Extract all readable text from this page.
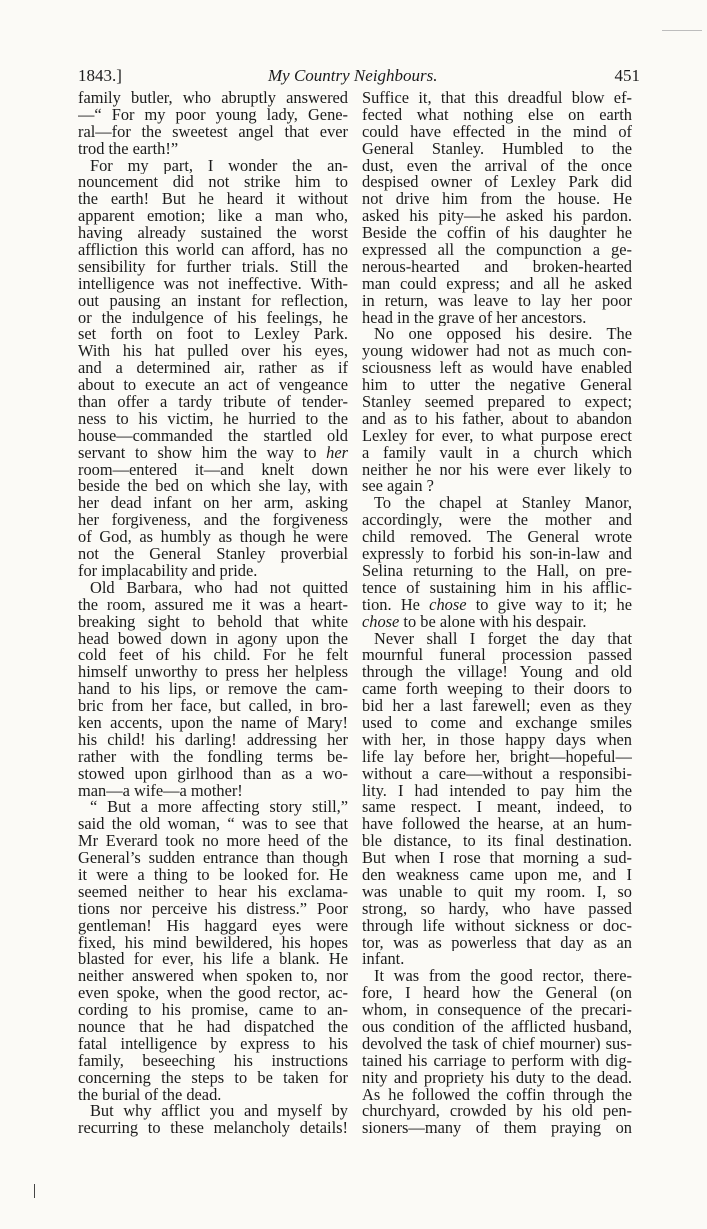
1843.]	My Country Neighbours.	451
family butler, who abruptly answered
—“ For my poor young lady, Gene-
ral—for the sweetest angel that ever
trod the earth!”
For my part, I wonder the an-
nouncement did not strike him to
the earth! But he heard it without
apparent emotion; like a man who,
having already sustained the worst
affliction this world can afford, has no
sensibility for further trials. Still the
intelligence was not ineffective. With-
out pausing an instant for reflection,
or the indulgence of his feelings, he
set forth on foot to Lexley Park.
With his hat pulled over his eyes,
and a determined air, rather as if
about to execute an act of vengeance
than offer a tardy tribute of tender-
ness to his victim, he hurried to the
house—commanded the startled old
servant to show him the way to her
room—entered it—and knelt down
beside the bed on which she lay, with
her dead infant on her arm, asking
her forgiveness, and the forgiveness
of God, as humbly as though he were
not the General Stanley proverbial
for implacability and pride.
Old Barbara, who had not quitted
the room, assured me it was a heart-
breaking sight to behold that white
head bowed down in agony upon the
cold feet of his child. For he felt
himself unworthy to press her helpless
hand to his lips, or remove the cam-
bric from her face, but called, in bro-
ken accents, upon the name of Mary!
his child! his darling! addressing her
rather with the fondling terms be-
stowed upon girlhood than as a wo-
man—a wife—a mother!
“ But a more affecting story still,”
said the old woman, “ was to see that
Mr Everard took no more heed of the
General’s sudden entrance than though
it were a thing to be looked for. He
seemed neither to hear his exclama-
tions nor perceive his distress.” Poor
gentleman! His haggard eyes were
fixed, his mind bewildered, his hopes
blasted for ever, his life a blank. He
neither answered when spoken to, nor
even spoke, when the good rector, ac-
cording to his promise, came to an-
nounce that he had dispatched the
fatal intelligence by express to his
family, beseeching his instructions
concerning the steps to be taken for
the burial of the dead.
But why afflict you and myself by
recurring to these melancholy details!
Suffice it, that this dreadful blow ef-
fected what nothing else on earth
could have effected in the mind of
General Stanley. Humbled to the
dust, even the arrival of the once
despised owner of Lexley Park did
not drive him from the house. He
asked his pity—he asked his pardon.
Beside the coffin of his daughter he
expressed all the compunction a ge-
nerous-hearted and broken-hearted
man could express; and all he asked
in return, was leave to lay her poor
head in the grave of her ancestors.
No one opposed his desire. The
young widower had not as much con-
sciousness left as would have enabled
him to utter the negative General
Stanley seemed prepared to expect;
and as to his father, about to abandon
Lexley for ever, to what purpose erect
a family vault in a church which
neither he nor his were ever likely to
see again ?
To the chapel at Stanley Manor,
accordingly, were the mother and
child removed. The General wrote
expressly to forbid his son-in-law and
Selina returning to the Hall, on pre-
tence of sustaining him in his afflic-
tion. He chose to give way to it; he
chose to be alone with his despair.
Never shall I forget the day that
mournful funeral procession passed
through the village! Young and old
came forth weeping to their doors to
bid her a last farewell; even as they
used to come and exchange smiles
with her, in those happy days when
life lay before her, bright—hopeful—
without a care—without a responsibi-
lity. I had intended to pay him the
same respect. I meant, indeed, to
have followed the hearse, at an hum-
ble distance, to its final destination.
But when I rose that morning a sud-
den weakness came upon me, and I
was unable to quit my room. I, so
strong, so hardy, who have passed
through life without sickness or doc-
tor, was as powerless that day as an
infant.
It was from the good rector, there-
fore, I heard how the General (on
whom, in consequence of the precari-
ous condition of the afflicted husband,
devolved the task of chief mourner) sus-
tained his carriage to perform with dig-
nity and propriety his duty to the dead.
As he followed the coffin through the
churchyard, crowded by his old pen-
sioners—many of them praying on
